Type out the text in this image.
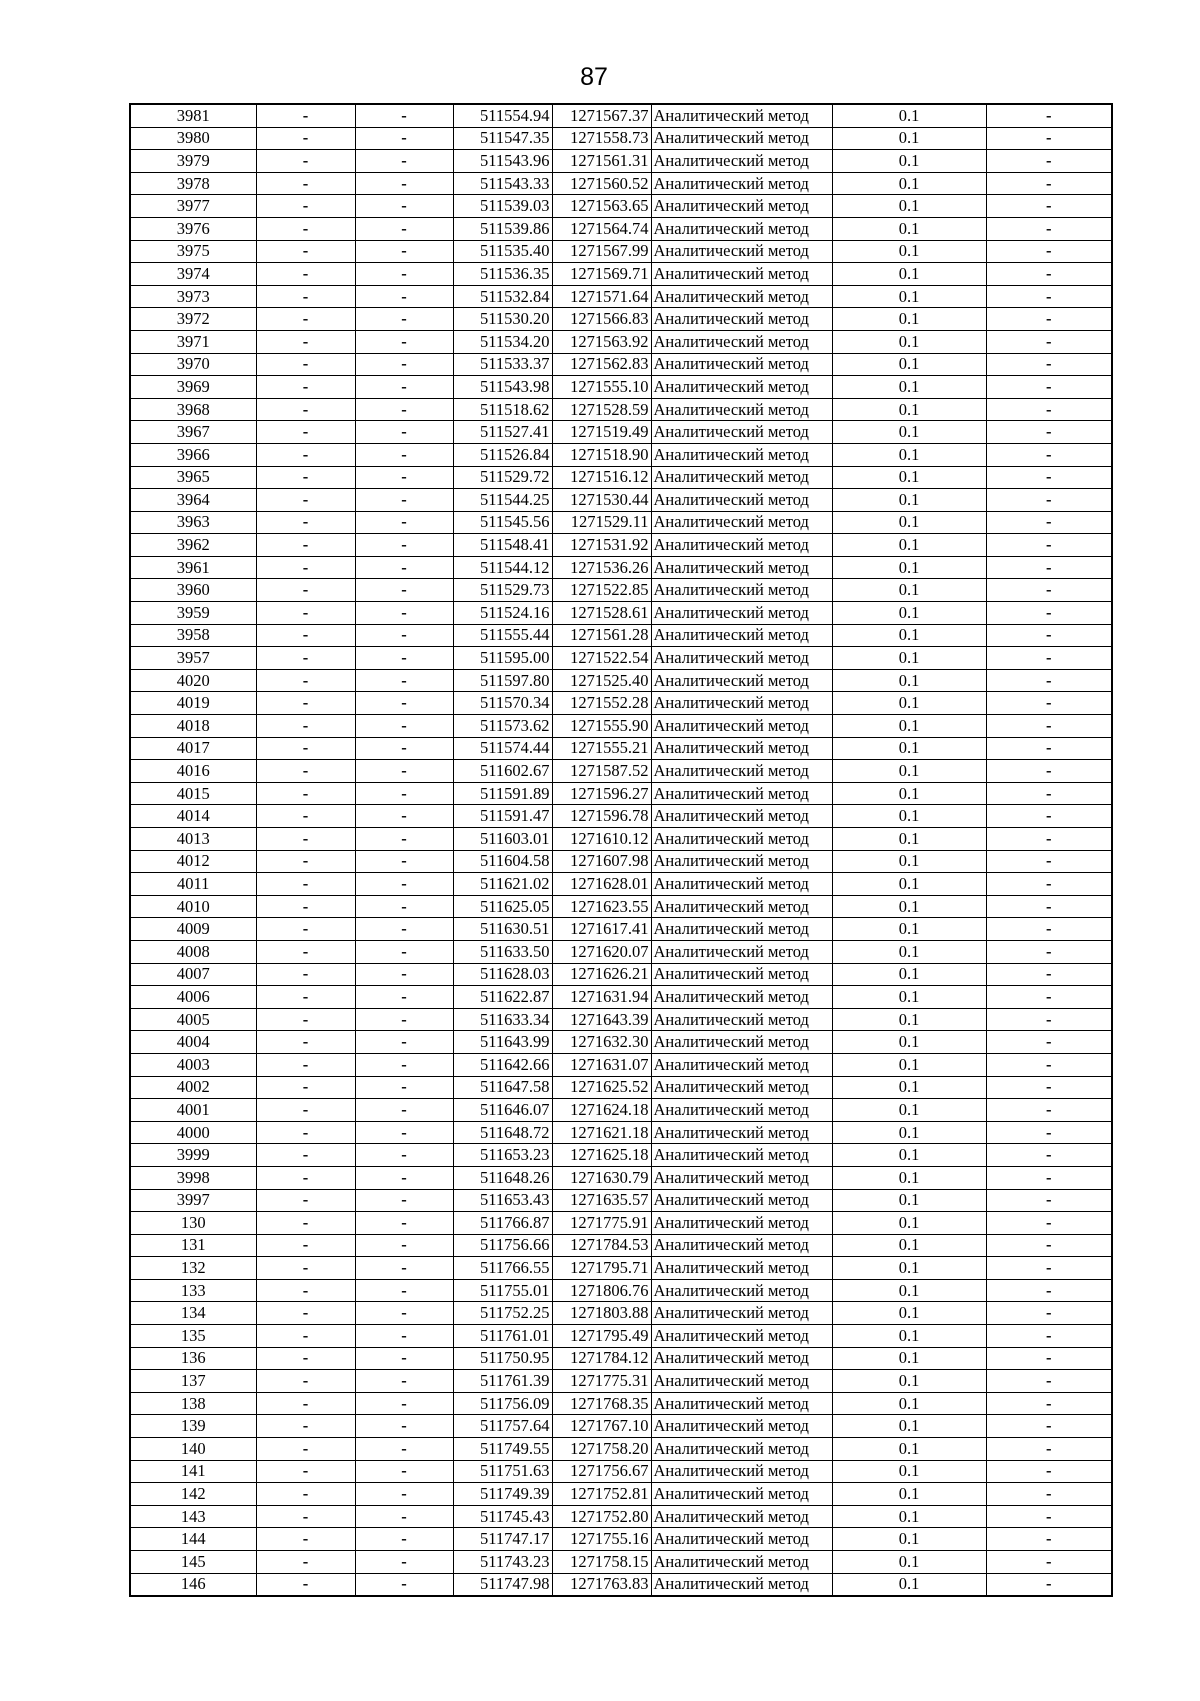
87
3981	-	-	511554.94	1271567.37	Аналитический метод	0.1	-
3980	-	-	511547.35	1271558.73	Аналитический метод	0.1	-
3979	-	-	511543.96	1271561.31	Аналитический метод	0.1	-
3978	-	-	511543.33	1271560.52	Аналитический метод	0.1	-
3977	-	-	511539.03	1271563.65	Аналитический метод	0.1	-
3976	-	-	511539.86	1271564.74	Аналитический метод	0.1	-
3975	-	-	511535.40	1271567.99	Аналитический метод	0.1	-
3974	-	-	511536.35	1271569.71	Аналитический метод	0.1	-
3973	-	-	511532.84	1271571.64	Аналитический метод	0.1	-
3972	-	-	511530.20	1271566.83	Аналитический метод	0.1	-
3971	-	-	511534.20	1271563.92	Аналитический метод	0.1	-
3970	-	-	511533.37	1271562.83	Аналитический метод	0.1	-
3969	-	-	511543.98	1271555.10	Аналитический метод	0.1	-
3968	-	-	511518.62	1271528.59	Аналитический метод	0.1	-
3967	-	-	511527.41	1271519.49	Аналитический метод	0.1	-
3966	-	-	511526.84	1271518.90	Аналитический метод	0.1	-
3965	-	-	511529.72	1271516.12	Аналитический метод	0.1	-
3964	-	-	511544.25	1271530.44	Аналитический метод	0.1	-
3963	-	-	511545.56	1271529.11	Аналитический метод	0.1	-
3962	-	-	511548.41	1271531.92	Аналитический метод	0.1	-
3961	-	-	511544.12	1271536.26	Аналитический метод	0.1	-
3960	-	-	511529.73	1271522.85	Аналитический метод	0.1	-
3959	-	-	511524.16	1271528.61	Аналитический метод	0.1	-
3958	-	-	511555.44	1271561.28	Аналитический метод	0.1	-
3957	-	-	511595.00	1271522.54	Аналитический метод	0.1	-
4020	-	-	511597.80	1271525.40	Аналитический метод	0.1	-
4019	-	-	511570.34	1271552.28	Аналитический метод	0.1	-
4018	-	-	511573.62	1271555.90	Аналитический метод	0.1	-
4017	-	-	511574.44	1271555.21	Аналитический метод	0.1	-
4016	-	-	511602.67	1271587.52	Аналитический метод	0.1	-
4015	-	-	511591.89	1271596.27	Аналитический метод	0.1	-
4014	-	-	511591.47	1271596.78	Аналитический метод	0.1	-
4013	-	-	511603.01	1271610.12	Аналитический метод	0.1	-
4012	-	-	511604.58	1271607.98	Аналитический метод	0.1	-
4011	-	-	511621.02	1271628.01	Аналитический метод	0.1	-
4010	-	-	511625.05	1271623.55	Аналитический метод	0.1	-
4009	-	-	511630.51	1271617.41	Аналитический метод	0.1	-
4008	-	-	511633.50	1271620.07	Аналитический метод	0.1	-
4007	-	-	511628.03	1271626.21	Аналитический метод	0.1	-
4006	-	-	511622.87	1271631.94	Аналитический метод	0.1	-
4005	-	-	511633.34	1271643.39	Аналитический метод	0.1	-
4004	-	-	511643.99	1271632.30	Аналитический метод	0.1	-
4003	-	-	511642.66	1271631.07	Аналитический метод	0.1	-
4002	-	-	511647.58	1271625.52	Аналитический метод	0.1	-
4001	-	-	511646.07	1271624.18	Аналитический метод	0.1	-
4000	-	-	511648.72	1271621.18	Аналитический метод	0.1	-
3999	-	-	511653.23	1271625.18	Аналитический метод	0.1	-
3998	-	-	511648.26	1271630.79	Аналитический метод	0.1	-
3997	-	-	511653.43	1271635.57	Аналитический метод	0.1	-
130	-	-	511766.87	1271775.91	Аналитический метод	0.1	-
131	-	-	511756.66	1271784.53	Аналитический метод	0.1	-
132	-	-	511766.55	1271795.71	Аналитический метод	0.1	-
133	-	-	511755.01	1271806.76	Аналитический метод	0.1	-
134	-	-	511752.25	1271803.88	Аналитический метод	0.1	-
135	-	-	511761.01	1271795.49	Аналитический метод	0.1	-
136	-	-	511750.95	1271784.12	Аналитический метод	0.1	-
137	-	-	511761.39	1271775.31	Аналитический метод	0.1	-
138	-	-	511756.09	1271768.35	Аналитический метод	0.1	-
139	-	-	511757.64	1271767.10	Аналитический метод	0.1	-
140	-	-	511749.55	1271758.20	Аналитический метод	0.1	-
141	-	-	511751.63	1271756.67	Аналитический метод	0.1	-
142	-	-	511749.39	1271752.81	Аналитический метод	0.1	-
143	-	-	511745.43	1271752.80	Аналитический метод	0.1	-
144	-	-	511747.17	1271755.16	Аналитический метод	0.1	-
145	-	-	511743.23	1271758.15	Аналитический метод	0.1	-
146	-	-	511747.98	1271763.83	Аналитический метод	0.1	-
